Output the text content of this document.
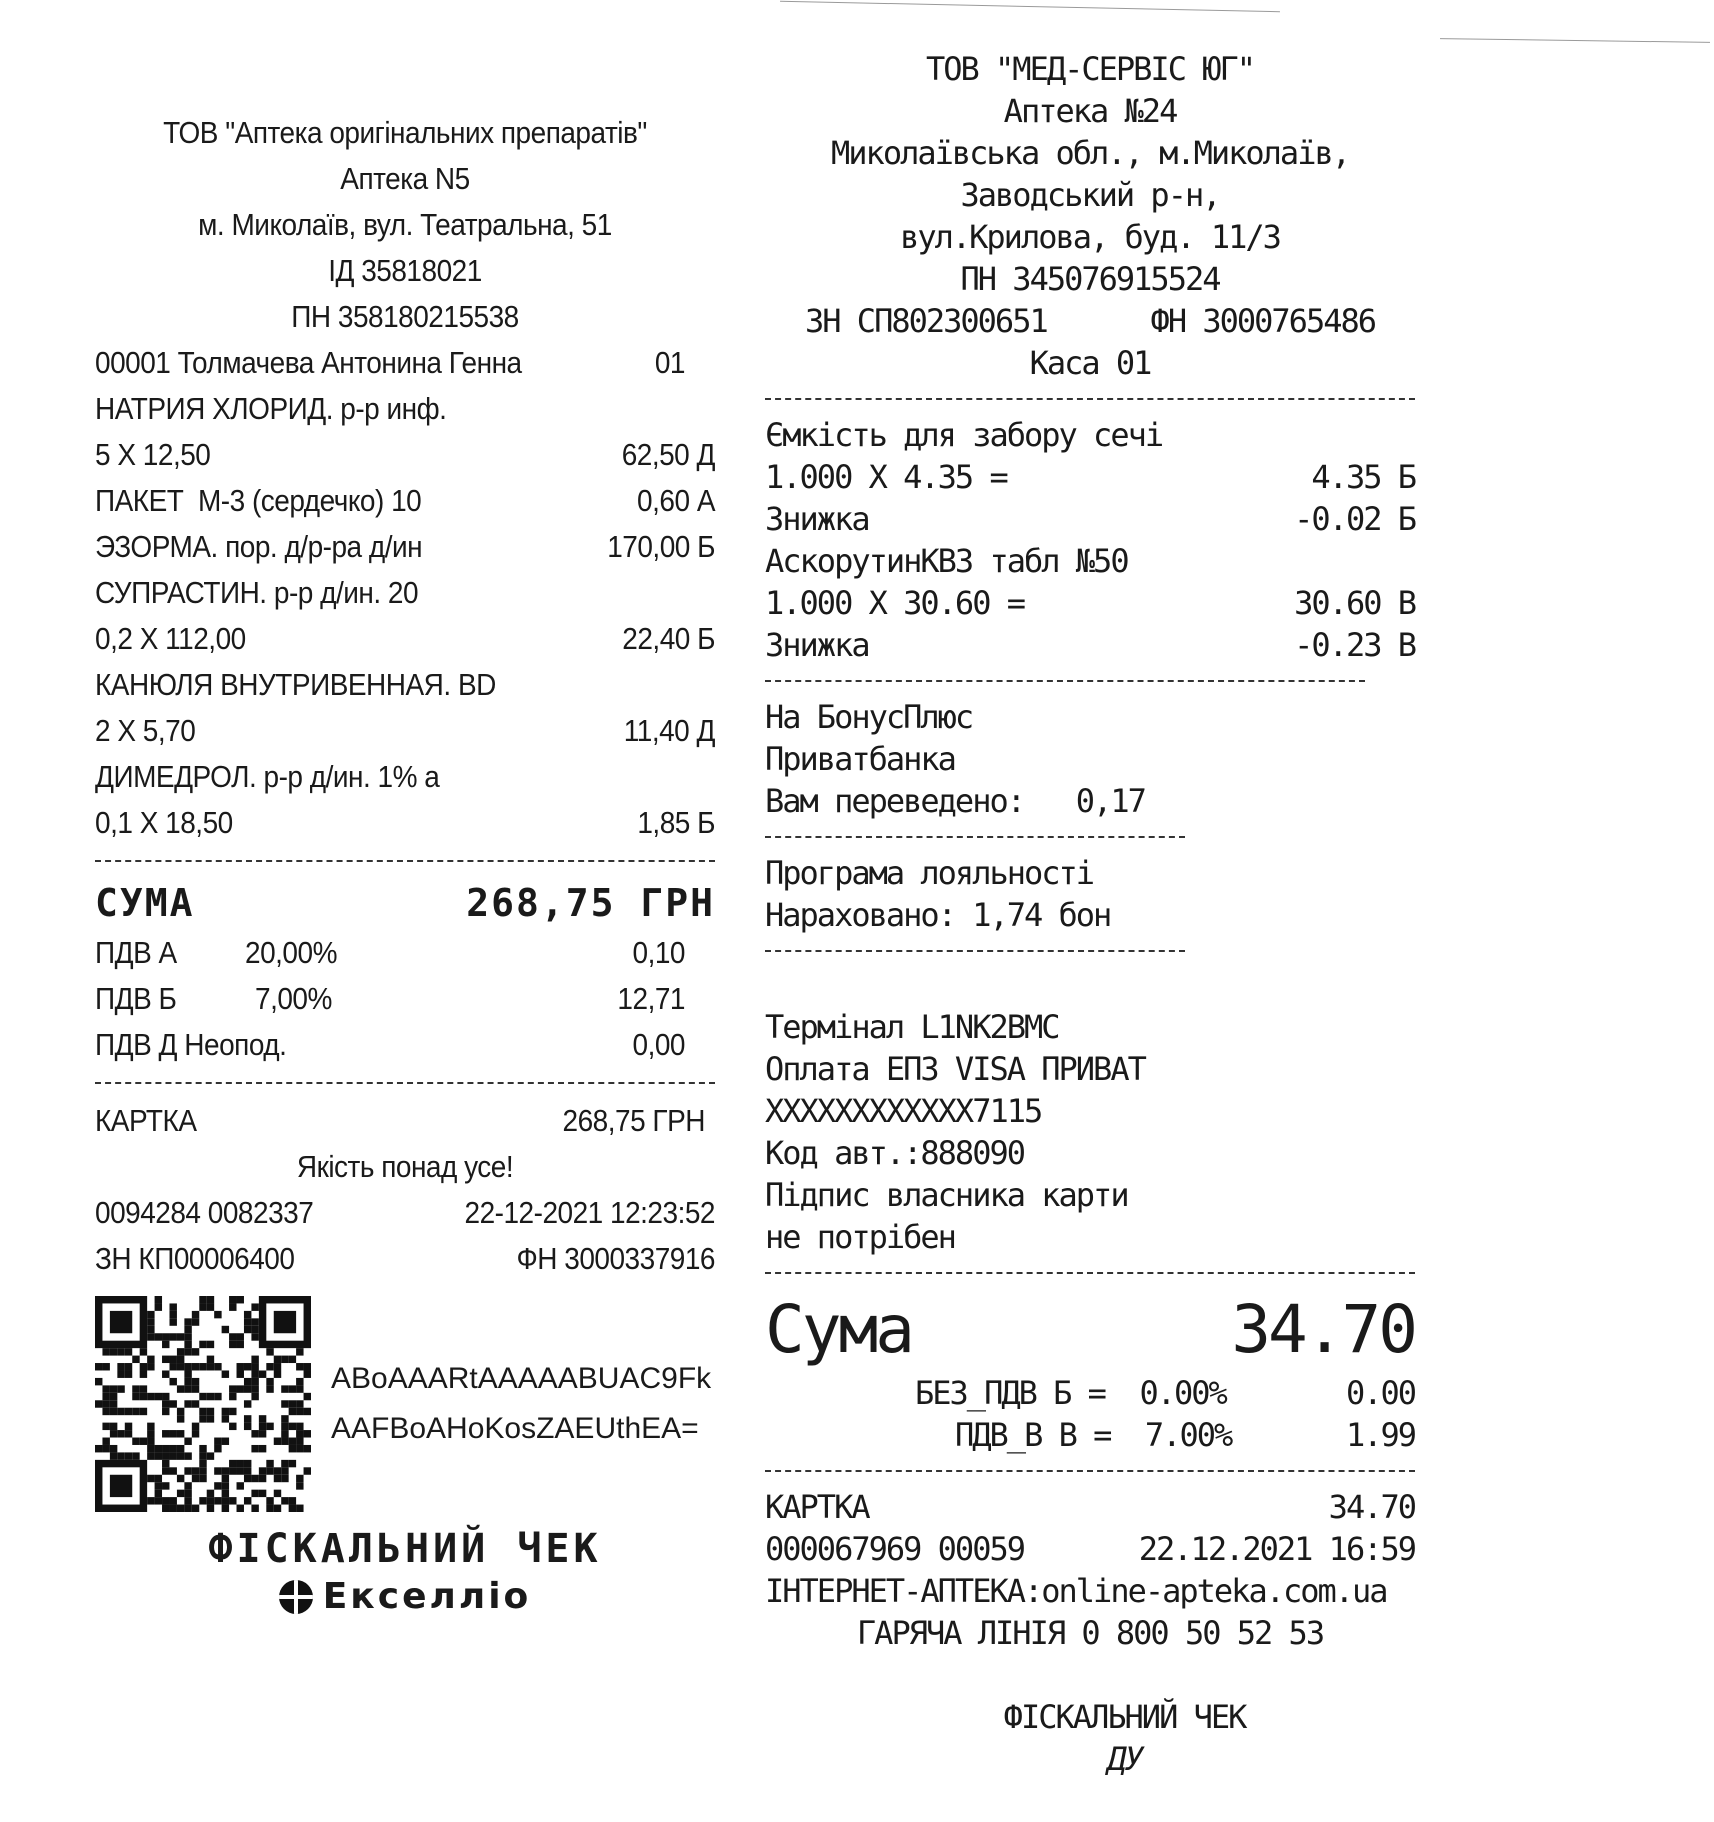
ТОВ "Аптека оригінальних препаратів"
Аптека N5
м. Миколаїв, вул. Театральна, 51
ІД 35818021
ПН 358180215538
00001 Толмачева Антонина Генна	01
НАТРИЯ ХЛОРИД. р-р инф.
5 X 12,50	62,50 Д
ПАКЕТ  М-3 (сердечко) 10	0,60 А
ЭЗОРМА. пор. д/р-ра д/ин	170,00 Б
СУПРАСТИН. р-р д/ин. 20
0,2 X 112,00	22,40 Б
КАНЮЛЯ ВНУТРИВЕННАЯ. BD
2 X 5,70	11,40 Д
ДИМЕДРОЛ. р-р д/ин. 1% а
0,1 X 18,50	1,85 Б
СУМА	268,75 ГРН
ПДВ А	20,00%	0,10
ПДВ Б	7,00%	12,71
ПДВ Д Неопод.	0,00
КАРТКА	268,75 ГРН
Якість понад усе!
0094284 0082337	22-12-2021 12:23:52
ЗН КП00006400	ФН 3000337916
ABoAAARtAAAAABUAC9Fk
AAFBoAHoKosZAEUthEA=
ФІСКАЛЬНИЙ ЧЕК
Екселліо
ТОВ "МЕД-СЕРВІС ЮГ"
Аптека №24
Миколаївська обл., м.Миколаїв,
Заводський р-н,
вул.Крилова, буд. 11/3
ПН 345076915524
ЗН СП802300651	ФН 3000765486
Каса 01
Ємкість для забору сечі
1.000 X 4.35 =	4.35 Б
Знижка	-0.02 Б
АскорутинКВЗ табл №50
1.000 X 30.60 =	30.60 В
Знижка	-0.23 В
На БонусПлюс
Приватбанка
Вам переведено:   0,17
Програма лояльності
Нараховано: 1,74 бон
Термінал L1NK2BMC
Оплата ЕПЗ VISA ПРИВАТ
XXXXXXXXXXXX7115
Код авт.:888090
Підпис власника карти
не потрібен
Сума	34.70
БЕЗ_ПДВ Б =  0.00%	0.00
ПДВ_В В =  7.00%	1.99
КАРТКА	34.70
000067969 00059	22.12.2021 16:59
ІНТЕРНЕТ-АПТЕКА:online-apteka.com.ua
ГАРЯЧА ЛІНІЯ 0 800 50 52 53

ФІСКАЛЬНИЙ ЧЕК
ДУ
